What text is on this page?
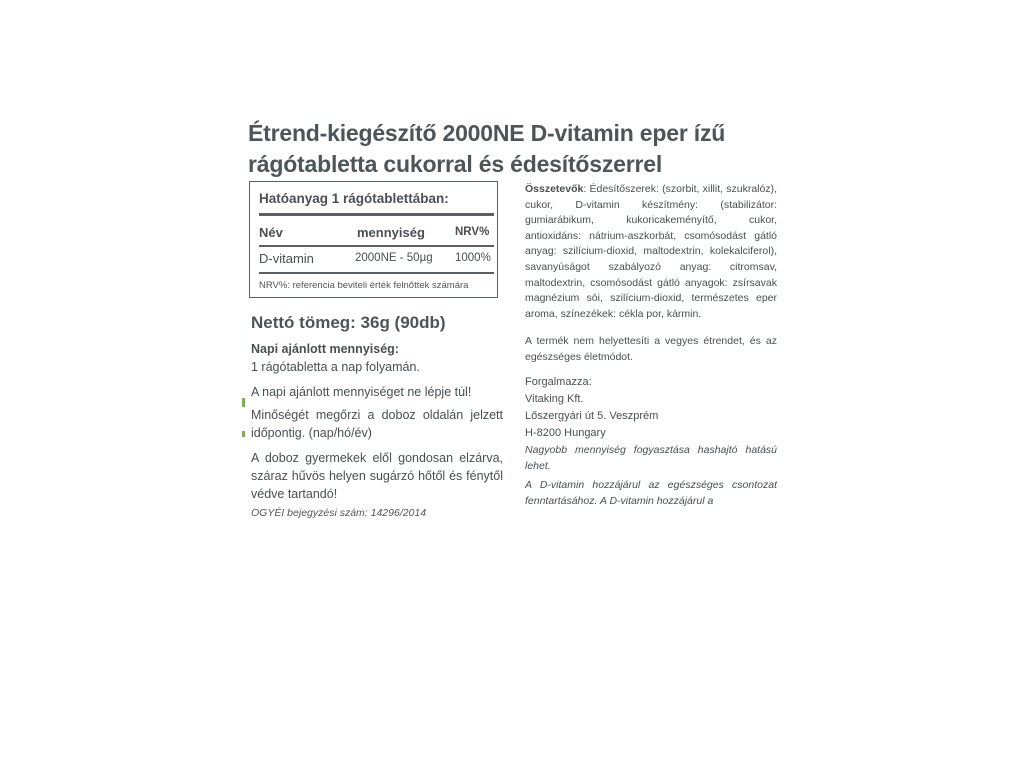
Étrend-kiegészítő 2000NE D-vitamin eper ízű
rágótabletta cukorral és édesítőszerrel
Hatóanyag 1 rágótablettában:
Név	mennyiség	NRV%
D-vitamin	2000NE - 50µg 1000%
NRV%: referencia beviteli érték felnőttek számára
Nettó tömeg: 36g (90db)

Napi ajánlott mennyiség:

1 rágótabletta a nap folyamán.

A napi ajánlott mennyiséget ne lépje túl!
Minőségét megőrzi a doboz oldalán jelzett időpontig. (nap/hó/év)
A doboz gyermekek elől gondosan elzárva, száraz hűvös helyen sugárzó hőtől és fénytől védve tartandó!
OGYÉI bejegyzési szám: 14296/2014

Összetevők: Édesítőszerek: (szorbit, xillit, szukralóz), cukor, D-vitamin készítmény: (stabilizátor: gumiarábikum, kukoricakeményítő, cukor, antioxidáns: nátrium-aszkorbát, csomósodást gátló anyag: szilícium-dioxid, maltodextrin, kolekalciferol), savanyúságot szabályozó anyag: citromsav, maltodextrin, csomósodást gátló anyagok: zsírsavak magnézium sói, szilícium-dioxid, természetes eper aroma, színezékek: cékla por, kármin.

A termék nem helyettesíti a vegyes étrendet, és az egészséges életmódot.

Forgalmazza:

Vitaking Kft.

Lőszergyári út 5. Veszprém

H-8200 Hungary

Nagyobb mennyiség fogyasztása hashajtó hatású lehet.
A D-vitamin hozzájárul az egészséges csontozat fenntartásához. A D-vitamin hozzájárul a
